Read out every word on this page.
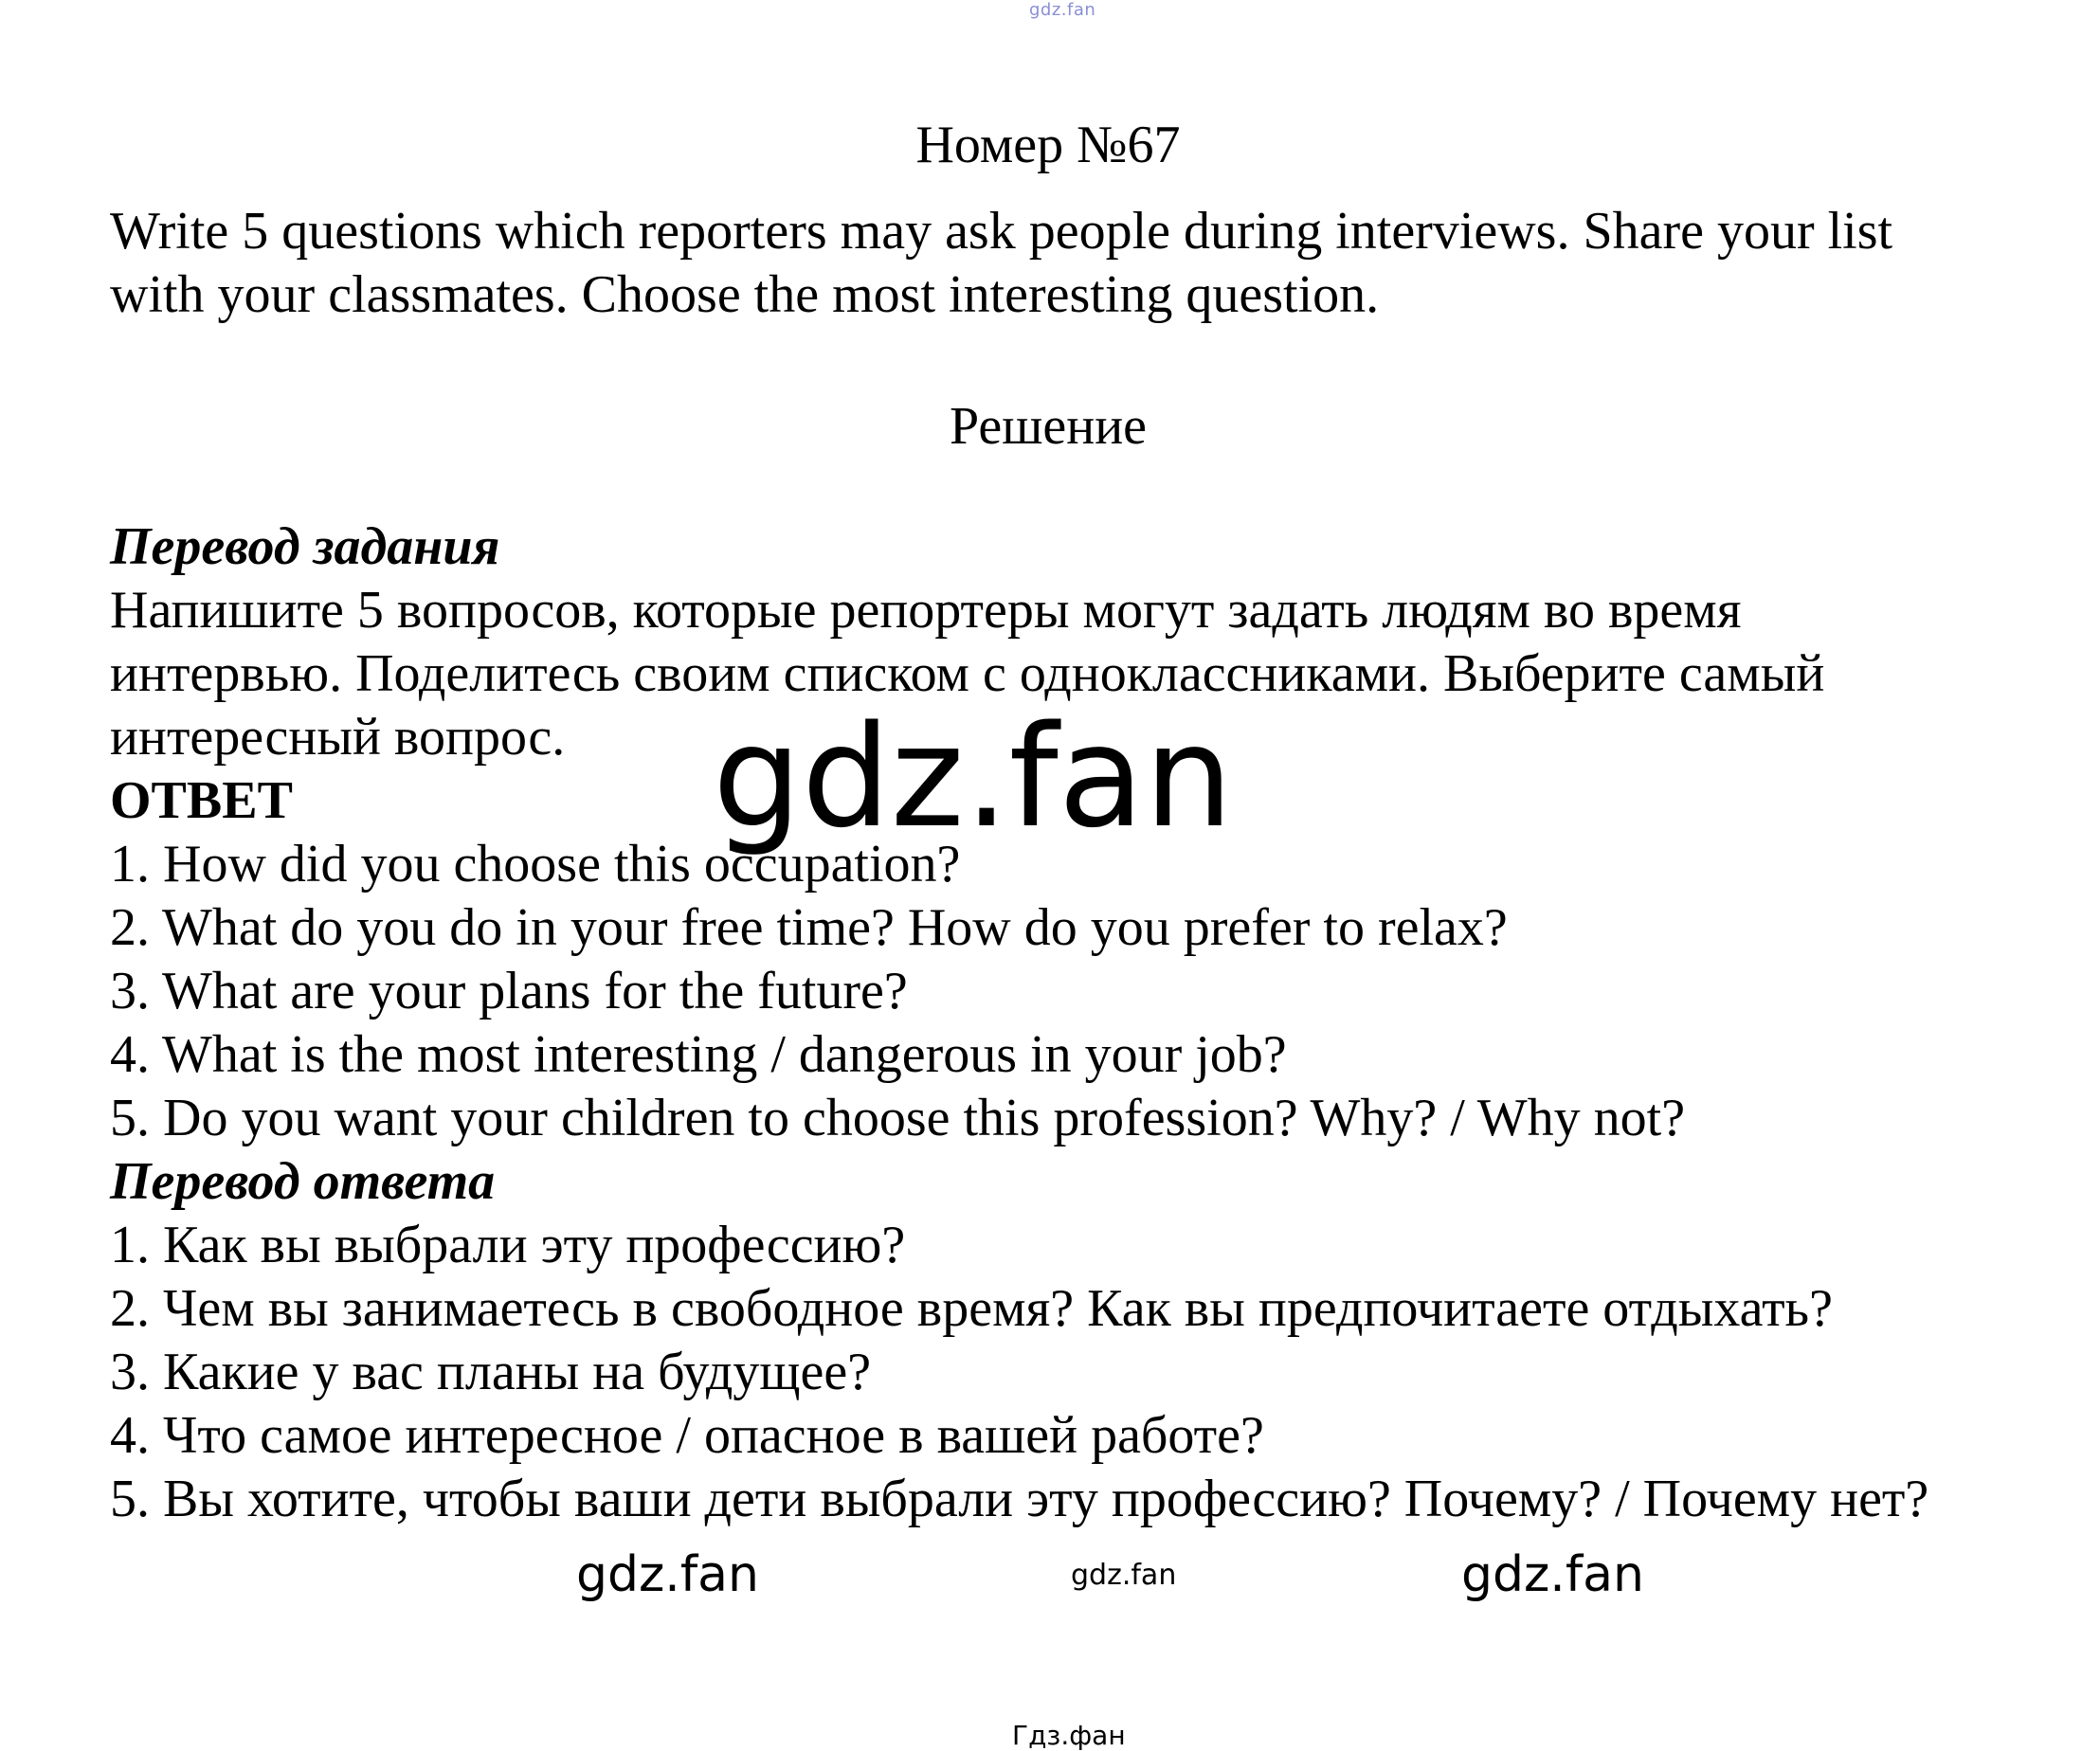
gdz.fan
Номер №67

Write 5 questions which reporters may ask people during interviews. Share your list with your classmates. Choose the most interesting question.

Решение
Перевод задания

Напишите 5 вопросов, которые репортеры могут задать людям во время интервью. Поделитесь своим списком с одноклассниками. Выберите самый интересный вопрос.

ОТВЕТ
1. How did you choose this occupation?
2. What do you do in your free time? How do you prefer to relax?
3. What are your plans for the future?
4. What is the most interesting / dangerous in your job?
5. Do you want your children to choose this profession? Why? / Why not?
Перевод ответа
1. Как вы выбрали эту профессию?
2. Чем вы занимаетесь в свободное время? Как вы предпочитаете отдыхать?
3. Какие у вас планы на будущее?
4. Что самое интересное / опасное в вашей работе?
5. Вы хотите, чтобы ваши дети выбрали эту профессию? Почему? / Почему нет?
gdz.fan
gdz.fan	gdz.fan	gdz.fan
Гдз.фан
